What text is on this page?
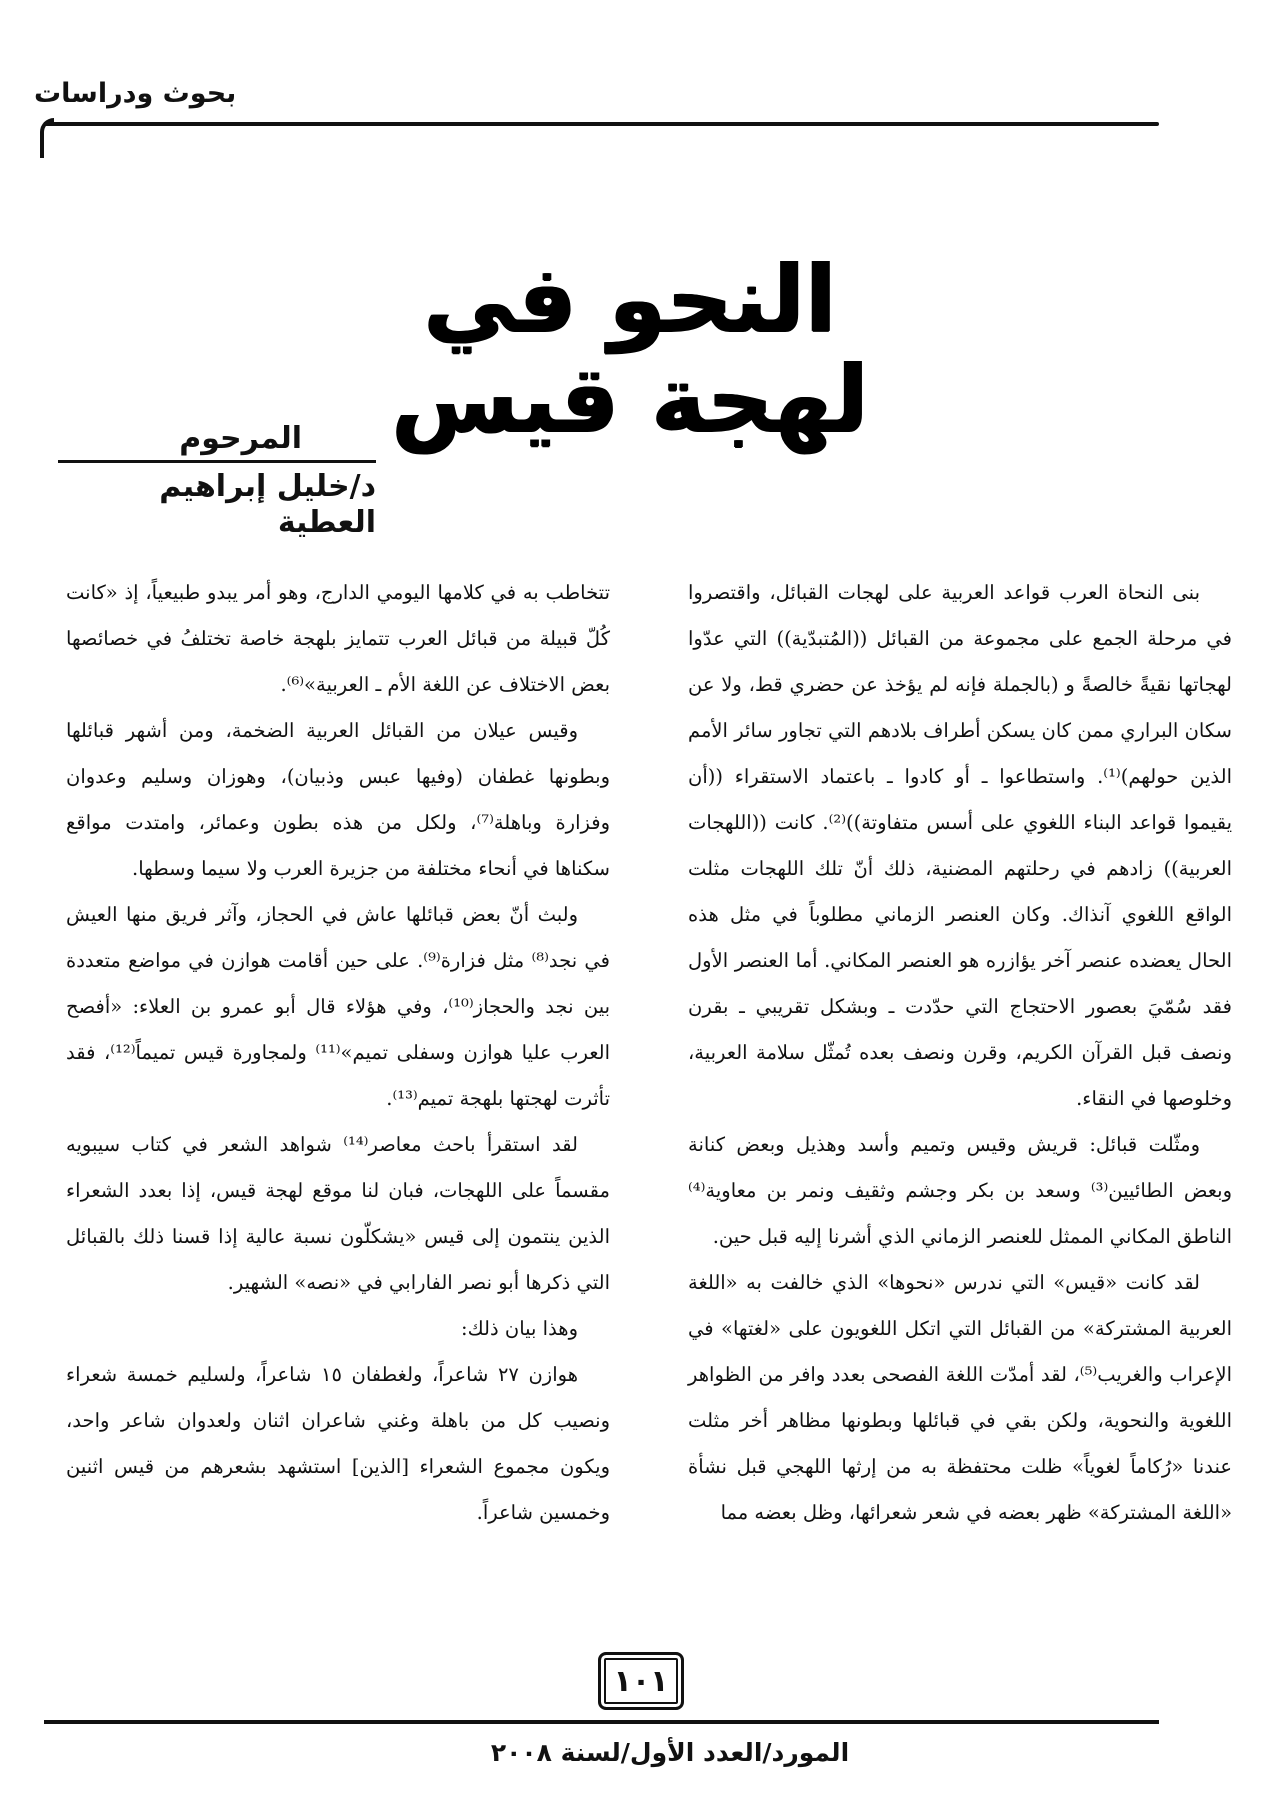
بحوث ودراسات
النحو في لهجة قيس
المرحوم
د/خليل إبراهيم العطية

بنى النحاة العرب قواعد العربية على لهجات القبائل، واقتصروا في مرحلة الجمع على مجموعة من القبائل ((المُتبدّية)) التي عدّوا لهجاتها نقيةً خالصةً و (بالجملة فإنه لم يؤخذ عن حضري قط، ولا عن سكان البراري ممن كان يسكن أطراف بلادهم التي تجاور سائر الأمم الذين حولهم)⁽¹⁾. واستطاعوا ـ أو كادوا ـ باعتماد الاستقراء ((أن يقيموا قواعد البناء اللغوي على أسس متفاوتة))⁽²⁾. كانت ((اللهجات العربية)) زادهم في رحلتهم المضنية، ذلك أنّ تلك اللهجات مثلت الواقع اللغوي آنذاك. وكان العنصر الزماني مطلوباً في مثل هذه الحال يعضده عنصر آخر يؤازره هو العنصر المكاني. أما العنصر الأول فقد سُمّيَ بعصور الاحتجاج التي حدّدت ـ وبشكل تقريبي ـ بقرن ونصف قبل القرآن الكريم، وقرن ونصف بعده تُمثّل سلامة العربية، وخلوصها في النقاء.

ومثّلت قبائل: قريش وقيس وتميم وأسد وهذيل وبعض كنانة وبعض الطائيين⁽³⁾ وسعد بن بكر وجشم وثقيف ونمر بن معاوية⁽⁴⁾ الناطق المكاني الممثل للعنصر الزماني الذي أشرنا إليه قبل حين.

لقد كانت «قيس» التي ندرس «نحوها» الذي خالفت به «اللغة العربية المشتركة» من القبائل التي اتكل اللغويون على «لغتها» في الإعراب والغريب⁽⁵⁾، لقد أمدّت اللغة الفصحى بعدد وافر من الظواهر اللغوية والنحوية، ولكن بقي في قبائلها وبطونها مظاهر أخر مثلت عندنا «رُكاماً لغوياً» ظلت محتفظة به من إرثها اللهجي قبل نشأة «اللغة المشتركة» ظهر بعضه في شعر شعرائها، وظل بعضه مما

تتخاطب به في كلامها اليومي الدارج، وهو أمر يبدو طبيعياً، إذ «كانت كُلّ قبيلة من قبائل العرب تتمايز بلهجة خاصة تختلفُ في خصائصها بعض الاختلاف عن اللغة الأم ـ العربية»⁽⁶⁾.

وقيس عيلان من القبائل العربية الضخمة، ومن أشهر قبائلها وبطونها غطفان (وفيها عبس وذبيان)، وهوزان وسليم وعدوان وفزارة وباهلة⁽⁷⁾، ولكل من هذه بطون وعمائر، وامتدت مواقع سكناها في أنحاء مختلفة من جزيرة العرب ولا سيما وسطها.

ولبث أنّ بعض قبائلها عاش في الحجاز، وآثر فريق منها العيش في نجد⁽⁸⁾ مثل فزارة⁽⁹⁾. على حين أقامت هوازن في مواضع متعددة بين نجد والحجاز⁽¹⁰⁾، وفي هؤلاء قال أبو عمرو بن العلاء: «أفصح العرب عليا هوازن وسفلى تميم»⁽¹¹⁾ ولمجاورة قيس تميماً⁽¹²⁾، فقد تأثرت لهجتها بلهجة تميم⁽¹³⁾.

لقد استقرأ باحث معاصر⁽¹⁴⁾ شواهد الشعر في كتاب سيبويه مقسماً على اللهجات، فبان لنا موقع لهجة قيس، إذا بعدد الشعراء الذين ينتمون إلى قيس «يشكلّون نسبة عالية إذا قسنا ذلك بالقبائل التي ذكرها أبو نصر الفارابي في «نصه» الشهير.

وهذا بيان ذلك:

هوازن ٢٧ شاعراً، ولغطفان ١٥ شاعراً، ولسليم خمسة شعراء ونصيب كل من باهلة وغني شاعران اثنان ولعدوان شاعر واحد، ويكون مجموع الشعراء [الذين] استشهد بشعرهم من قيس اثنين وخمسين شاعراً.

١٠١
المورد/العدد الأول/لسنة ٢٠٠٨
